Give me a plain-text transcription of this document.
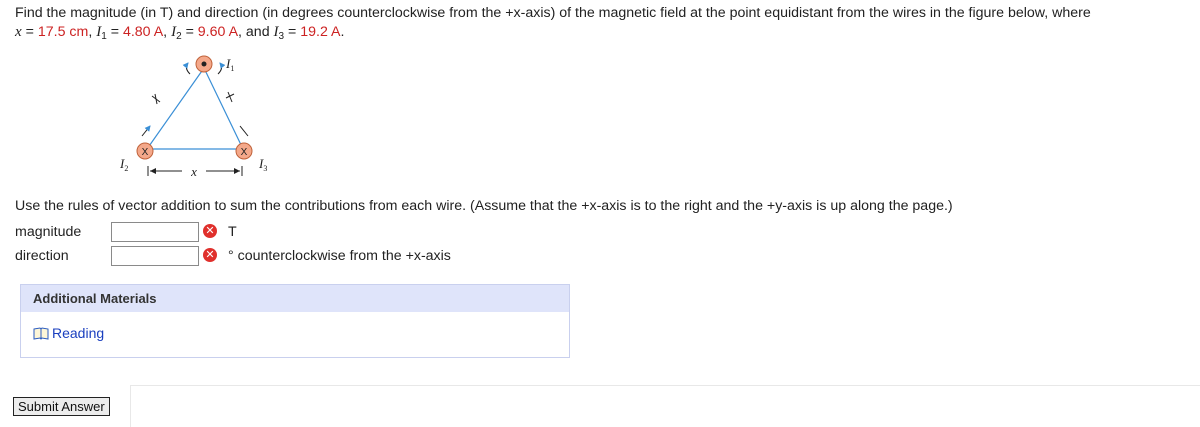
Find the magnitude (in T) and direction (in degrees counterclockwise from the +x-axis) of the magnetic field at the point equidistant from the wires in the figure below, where
x = 17.5 cm, $I_1 = 4.80$ A, $I_2 = 9.60$ A, and $I_3 = 19.2$ A.
$I_1$
X
$I_2$
X
$I_3$
x
Use the rules of vector addition to sum the contributions from each wire. (Assume that the +x-axis is to the right and the +y-axis is up along the page.)
magnitude	✕ T
direction	✕ ° counterclockwise from the +x-axis
Additional Materials
Reading
Submit Answer
